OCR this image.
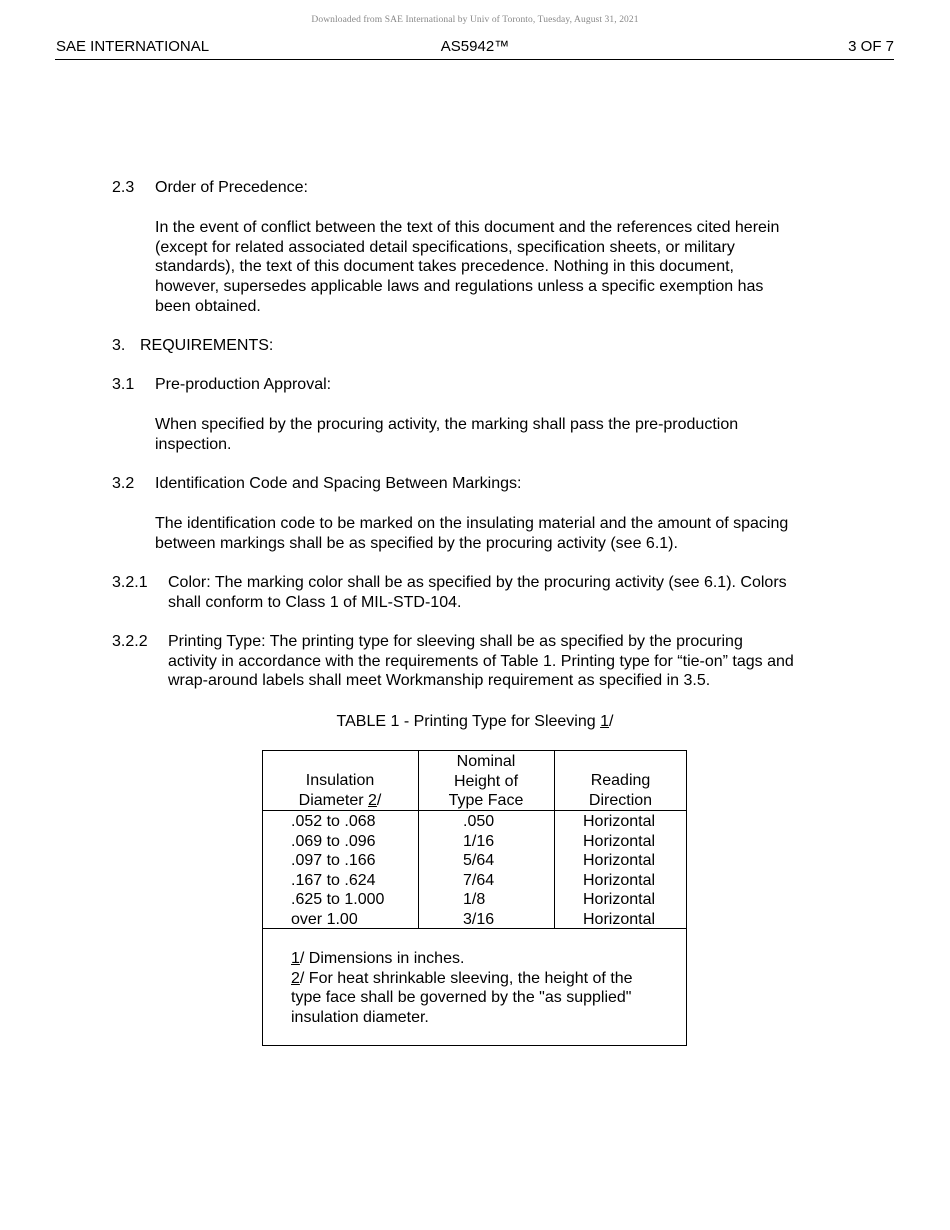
Downloaded from SAE International by Univ of Toronto, Tuesday, August 31, 2021
SAE INTERNATIONAL	AS5942™	3 OF 7
2.3 Order of Precedence:
In the event of conflict between the text of this document and the references cited herein
(except for related associated detail specifications, specification sheets, or military
standards), the text of this document takes precedence. Nothing in this document,
however, supersedes applicable laws and regulations unless a specific exemption has
been obtained.
3. REQUIREMENTS:
3.1 Pre-production Approval:
When specified by the procuring activity, the marking shall pass the pre-production
inspection.
3.2 Identification Code and Spacing Between Markings:
The identification code to be marked on the insulating material and the amount of spacing
between markings shall be as specified by the procuring activity (see 6.1).
3.2.1 Color: The marking color shall be as specified by the procuring activity (see 6.1). Colors
shall conform to Class 1 of MIL-STD-104.
3.2.2 Printing Type: The printing type for sleeving shall be as specified by the procuring
activity in accordance with the requirements of Table 1. Printing type for “tie-on” tags and
wrap-around labels shall meet Workmanship requirement as specified in 3.5.
TABLE 1 - Printing Type for Sleeving 1/
Insulation
Diameter 2/
Nominal
Height of
Type Face
Reading
Direction
.052 to .068
.069 to .096
.097 to .166
.167 to .624
.625 to 1.000
over 1.00
.050
1/16
5/64
7/64
1/8
3/16
Horizontal
Horizontal
Horizontal
Horizontal
Horizontal
Horizontal
1/ Dimensions in inches.
2/ For heat shrinkable sleeving, the height of the
type face shall be governed by the "as supplied"
insulation diameter.
